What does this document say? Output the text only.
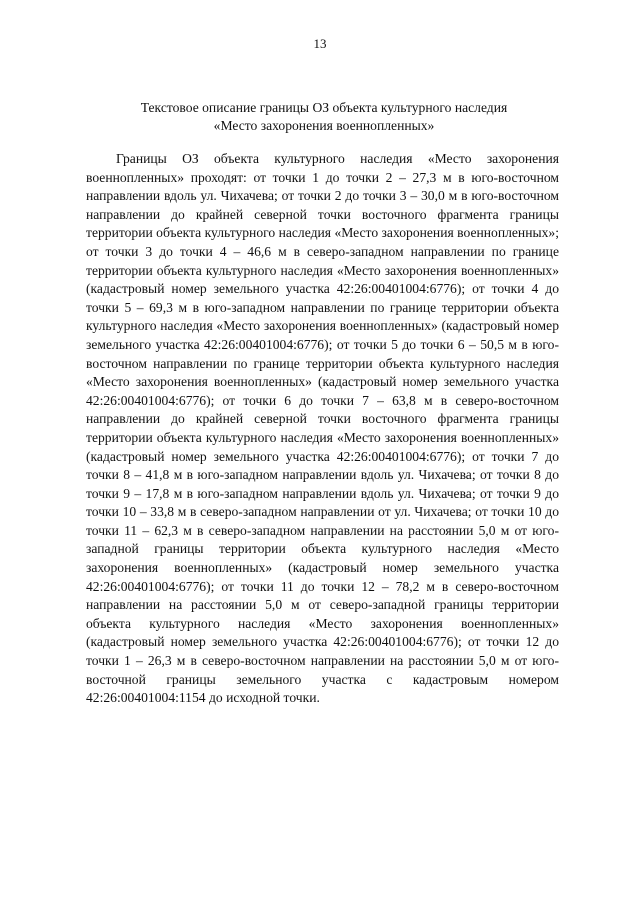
13
Текстовое описание границы ОЗ объекта культурного наследия
«Место захоронения военнопленных»

Границы ОЗ объекта культурного наследия «Место захоронения военнопленных» проходят: от точки 1 до точки 2 – 27,3 м в юго-восточном направлении вдоль ул. Чихачева; от точки 2 до точки 3 – 30,0 м в юго-восточном направлении до крайней северной точки восточного фрагмента границы территории объекта культурного наследия «Место захоронения военнопленных»; от точки 3 до точки 4 – 46,6 м в северо-западном направлении по границе территории объекта культурного наследия «Место захоронения военнопленных» (кадастровый номер земельного участка 42:26:00401004:6776); от точки 4 до точки 5 – 69,3 м в юго-западном направлении по границе территории объекта культурного наследия «Место захоронения военнопленных» (кадастровый номер земельного участка 42:26:00401004:6776); от точки 5 до точки 6 – 50,5 м в юго-восточном направлении по границе территории объекта культурного наследия «Место захоронения военнопленных» (кадастровый номер земельного участка 42:26:00401004:6776); от точки 6 до точки 7 – 63,8 м в северо-восточном направлении до крайней северной точки восточного фрагмента границы территории объекта культурного наследия «Место захоронения военнопленных» (кадастровый номер земельного участка 42:26:00401004:6776); от точки 7 до точки 8 – 41,8 м в юго-западном направлении вдоль ул. Чихачева; от точки 8 до точки 9 – 17,8 м в юго-западном направлении вдоль ул. Чихачева; от точки 9 до точки 10 – 33,8 м в северо-западном направлении от ул. Чихачева; от точки 10 до точки 11 – 62,3 м в северо-западном направлении на расстоянии 5,0 м от юго-западной границы территории объекта культурного наследия «Место захоронения военнопленных» (кадастровый номер земельного участка 42:26:00401004:6776); от точки 11 до точки 12 – 78,2 м в северо-восточном направлении на расстоянии 5,0 м от северо-западной границы территории объекта культурного наследия «Место захоронения военнопленных» (кадастровый номер земельного участка 42:26:00401004:6776); от точки 12 до точки 1 – 26,3 м в северо-восточном направлении на расстоянии 5,0 м от юго-восточной границы земельного участка с кадастровым номером 42:26:00401004:1154 до исходной точки.
